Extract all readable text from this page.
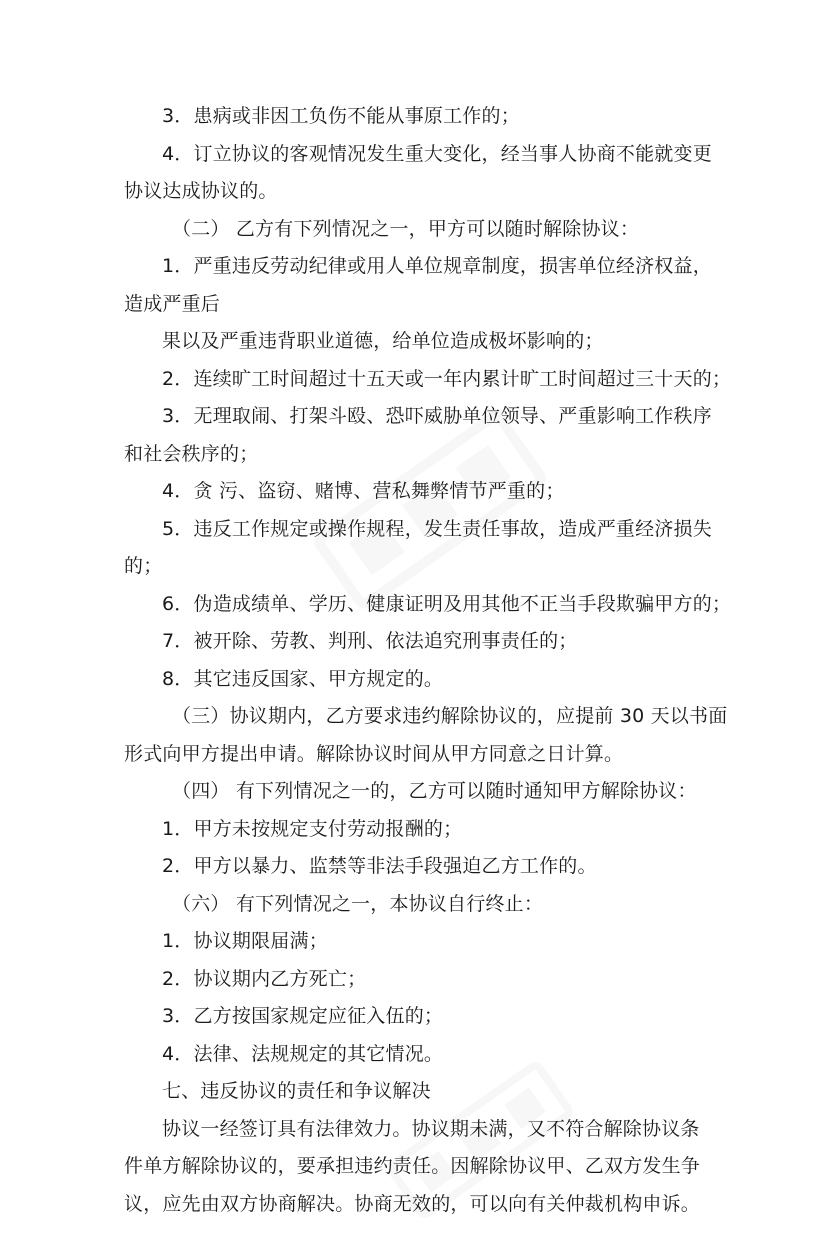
3．患病或非因工负伤不能从事原工作的；
4．订立协议的客观情况发生重大变化，经当事人协商不能就变更
协议达成协议的。
（二） 乙方有下列情况之一，甲方可以随时解除协议：
1．严重违反劳动纪律或用人单位规章制度，损害单位经济权益，
造成严重后
果以及严重违背职业道德，给单位造成极坏影响的；
2．连续旷工时间超过十五天或一年内累计旷工时间超过三十天的；
3．无理取闹、打架斗殴、恐吓威胁单位领导、严重影响工作秩序
和社会秩序的；
4．贪 污、盗窃、赌博、营私舞弊情节严重的；
5．违反工作规定或操作规程，发生责任事故，造成严重经济损失
的；
6．伪造成绩单、学历、健康证明及用其他不正当手段欺骗甲方的；
7．被开除、劳教、判刑、依法追究刑事责任的；
8．其它违反国家、甲方规定的。
（三）协议期内，乙方要求违约解除协议的，应提前 30 天以书面
形式向甲方提出申请。解除协议时间从甲方同意之日计算。
（四） 有下列情况之一的，乙方可以随时通知甲方解除协议：
1．甲方未按规定支付劳动报酬的；
2．甲方以暴力、监禁等非法手段强迫乙方工作的。
（六） 有下列情况之一，本协议自行终止：
1．协议期限届满；
2．协议期内乙方死亡；
3．乙方按国家规定应征入伍的；
4．法律、法规规定的其它情况。
七、违反协议的责任和争议解决
协议一经签订具有法律效力。协议期未满，又不符合解除协议条
件单方解除协议的，要承担违约责任。因解除协议甲、乙双方发生争
议，应先由双方协商解决。协商无效的，可以向有关仲裁机构申诉。
